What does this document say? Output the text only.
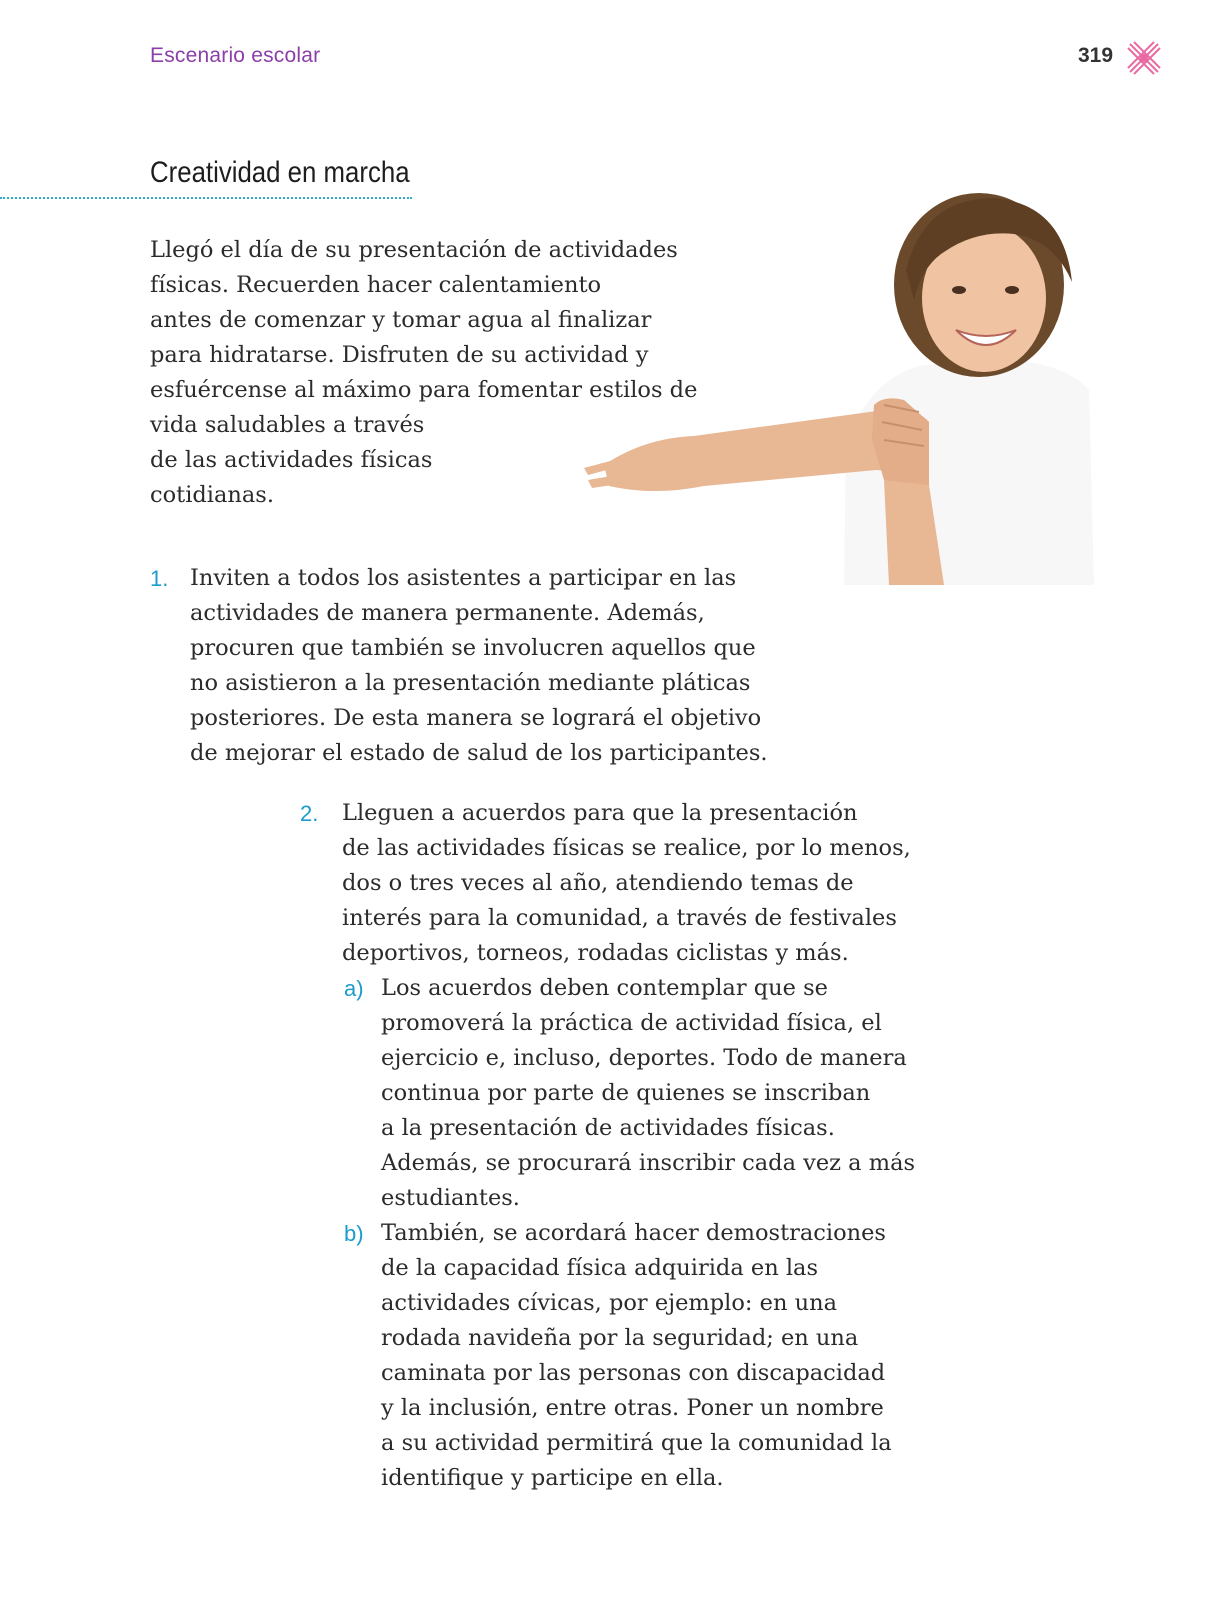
Escenario escolar	319
Creatividad en marcha
Llegó el día de su presentación de actividades
físicas. Recuerden hacer calentamiento
antes de comenzar y tomar agua al finalizar
para hidratarse. Disfruten de su actividad y
esfuércense al máximo para fomentar estilos de
vida saludables a través
de las actividades físicas
cotidianas.
1. Inviten a todos los asistentes a participar en las
actividades de manera permanente. Además,
procuren que también se involucren aquellos que
no asistieron a la presentación mediante pláticas
posteriores. De esta manera se logrará el objetivo
de mejorar el estado de salud de los participantes.
2. Lleguen a acuerdos para que la presentación
de las actividades físicas se realice, por lo menos,
dos o tres veces al año, atendiendo temas de
interés para la comunidad, a través de festivales
deportivos, torneos, rodadas ciclistas y más.
a) Los acuerdos deben contemplar que se
promoverá la práctica de actividad física, el
ejercicio e, incluso, deportes. Todo de manera
continua por parte de quienes se inscriban
a la presentación de actividades físicas.
Además, se procurará inscribir cada vez a más
estudiantes.
b) También, se acordará hacer demostraciones
de la capacidad física adquirida en las
actividades cívicas, por ejemplo: en una
rodada navideña por la seguridad; en una
caminata por las personas con discapacidad
y la inclusión, entre otras. Poner un nombre
a su actividad permitirá que la comunidad la
identifique y participe en ella.
